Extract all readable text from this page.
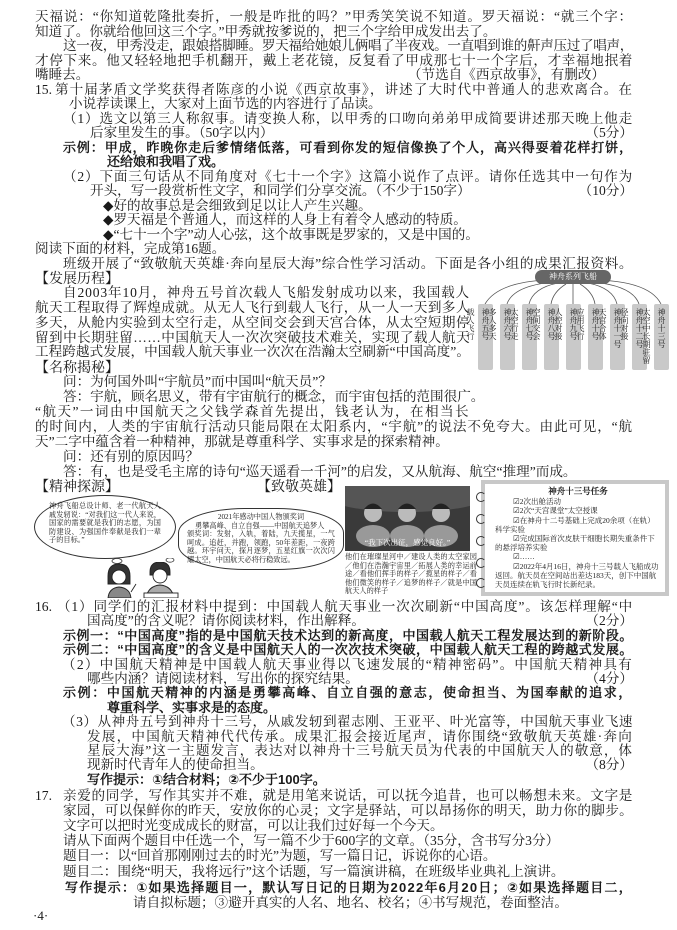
天福说：“你知道乾隆批奏折，一般是咋批的吗？”甲秀笑笑说不知道。罗天福说：“就三个字：
知道了。你就给他回这三个字。”甲秀就按爹说的，把三个字给甲成发出去了。
这一夜，甲秀没走，跟娘搭脚睡。罗天福给她娘儿俩唱了半夜戏。一直唱到谁的鼾声压过了唱声，
才停下来。他又轻轻地把手机翻开，戴上老花镜，反复看了甲成那七十一个字后，才幸福地抿着
嘴睡去。	（节选自《西京故事》，有删改）
15. 第十届茅盾文学奖获得者陈彦的小说《西京故事》，讲述了大时代中普通人的悲欢离合。在
小说荐读课上，大家对上面节选的内容进行了品读。
（1）选文以第三人称叙事。请变换人称，以甲秀的口吻向弟弟甲成简要讲述那天晚上他走
后家里发生的事。（50字以内）	（5分）
示例：甲成，昨晚你走后爹情绪低落，可看到你发的短信像换了个人，高兴得耍着花样打饼，
还给娘和我唱了戏。
（2）下面三句话从不同角度对《七十一个字》这篇小说作了点评。请你任选其中一句作为
开头，写一段赏析性文字，和同学们分享交流。（不少于150字）	（10分）
◆好的故事总是会细致到足以让人产生兴趣。
◆罗天福是个普通人，而这样的人身上有着令人感动的特质。
◆“七十一个字”动人心弦，这个故事既是罗家的，又是中国的。
阅读下面的材料，完成第16题。
班级开展了“致敬航天英雄·奔向星辰大海”综合性学习活动。下面是各小组的成果汇报资料。
【发展历程】
自2003年10月，神舟五号首次载人飞船发射成功以来，我国载人
航天工程取得了辉煌成就。从无人飞行到载人飞行，从一人一天到多人
多天，从舱内实验到太空行走，从空间交会到天宫合体，从太空短期停
留到中长期驻留……中国航天人一次次突破技术难关，实现了载人航天
工程跨越式发展，中国载人航天事业一次次在浩瀚太空刷新“中国高度”。
【名称揭秘】
问：为何国外叫“宇航员”而中国叫“航天员”？
答：宇航，顾名思义，带有宇宙航行的概念，而宇宙包括的范围很广。
“航天”一词由中国航天之父钱学森首先提出，钱老认为，在相当长
的时间内，人类的宇宙航行活动只能局限在太阳系内，“宇航”的说法不免夸大。由此可见，“航
天”二字中蕴含着一种精神，那就是尊重科学、实事求是的探索精神。
问：还有别的原因吗？
答：有，也是受毛主席的诗句“巡天遥看一千河”的启发，又从航海、航空“推理”而成。
【精神探源】	【致敬英雄】
神舟系列飞船
神舟五号
载人飞行	神舟六号
多人多天	神舟七号
太空行走	神舟八号
空间交会	神舟九号
人控对接	神舟十号
应用飞行	神舟十一号
天宫合体	神舟十二号
径向对接	神舟十三号
太空中长期驻留
神舟飞船总设计师、老一代航天人戚发轫说：“对我们这一代人来说，国家的需要就是我们的志愿，为国防建设、为强国作奉献是我们一辈子的目标。”
2021年感动中国人物颁奖词
勇攀高峰、自立自强——中国航天追梦人
颁奖词：发射，入轨，着陆，九天揽星，一气呵成。追赶，并跑，领跑，50年差距，一夜跨越。环宇问天，探月逐梦，五星红旗一次次闪耀太空，中国航天必将行稳致远。
“我下次出征，感觉良好。”
他们在璀璨星河中／建设人类的太空家园／他们在浩瀚宇宙里／拓展人类的幸运前途／看他们挥手的样子／揽星的样子／看他们微笑的样子／追梦的样子／就是中国航天人的样子
神舟十三号任务
☑2次出舱活动
☑2次“天宫课堂”太空授课
☑在神舟十二号基础上完成20余项（在轨）科学实验
☑完成国际首次皮肤干细胞长期失重条件下的悬浮培养实验
☑……
☑2022年4月16日，神舟十三号载人飞船成功返回。航天员在空间站出差达183天，创下中国航天员连续在轨飞行时长新纪录。
16. （1）同学们的汇报材料中提到：中国载人航天事业一次次刷新“中国高度”。该怎样理解“中
国高度”的含义呢？请你阅读材料，作出解释。	（2分）
示例一：“中国高度”指的是中国航天技术达到的新高度，中国载人航天工程发展达到的新阶段。
示例二：“中国高度”的含义是中国航天人的一次次技术突破，中国载人航天工程的跨越式发展。
（2）中国航天精神是中国载人航天事业得以飞速发展的“精神密码”。中国航天精神具有
哪些内涵？请阅读材料，写出你的探究结果。	（4分）
示例：中国航天精神的内涵是勇攀高峰、自立自强的意志，使命担当、为国奉献的追求，
尊重科学、实事求是的态度。
（3）从神舟五号到神舟十三号，从戚发轫到翟志刚、王亚平、叶光富等，中国航天事业飞速
发展，中国航天精神代代传承。成果汇报会接近尾声，请你围绕“致敬航天英雄·奔向
星辰大海”这一主题发言，表达对以神舟十三号航天员为代表的中国航天人的敬意，体
现新时代青年人的使命担当。	（8分）
写作提示：①结合材料；②不少于100字。
17. 亲爱的同学，写作其实并不难，就是用笔来说话，可以抚今追昔，也可以畅想未来。文字是
家园，可以保鲜你的昨天，安放你的心灵；文字是驿站，可以昂扬你的明天，助力你的脚步。
文字可以把时光变成成长的财富，可以让我们过好每一个今天。
请从下面两个题目中任选一个，写一篇不少于600字的文章。（35分，含书写分3分）
题目一：以“回首那刚刚过去的时光”为题，写一篇日记，诉说你的心语。
题目二：围绕“明天，我将远行”这个话题，写一篇演讲稿，在班级毕业典礼上演讲。
写作提示：①如果选择题目一，默认写日记的日期为2022年6月20日；②如果选择题目二，
请自拟标题；③避开真实的人名、地名、校名；④书写规范，卷面整洁。
·4·
